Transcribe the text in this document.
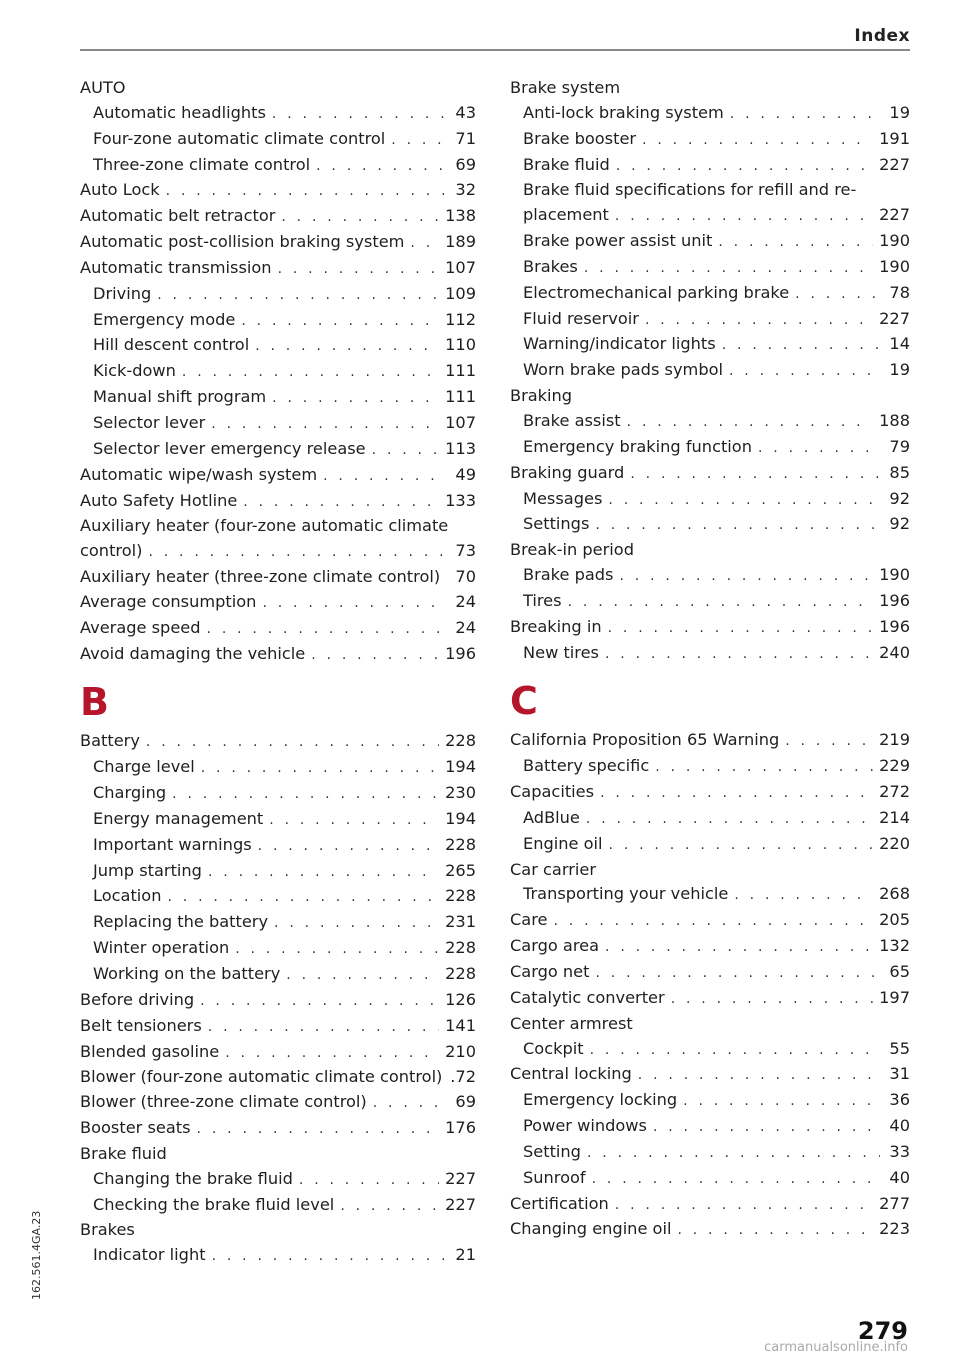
Index
AUTO
Automatic headlights . . .	43
Four-zone automatic climate control . . .	71
Three-zone climate control . . .	69
Auto Lock . . .	32
Automatic belt retractor . . .	138
Automatic post-collision braking system . . .	189
Automatic transmission . . .	107
Driving . . .	109
Emergency mode . . .	112
Hill descent control . . .	110
Kick-down . . .	111
Manual shift program . . .	111
Selector lever . . .	107
Selector lever emergency release . . .	113
Automatic wipe/wash system . . .	49
Auto Safety Hotline . . .	133
Auxiliary heater (four-zone automatic climate
control) . . .	73
Auxiliary heater (three-zone climate control) 70
Average consumption . . .	24
Average speed . . .	24
Avoid damaging the vehicle . . .	196
B
Battery . . .	228
Charge level . . .	194
Charging . . .	230
Energy management . . .	194
Important warnings . . .	228
Jump starting . . .	265
Location . . .	228
Replacing the battery . . .	231
Winter operation . . .	228
Working on the battery . . .	228
Before driving . . .	126
Belt tensioners . . .	141
Blended gasoline . . .	210
Blower (four-zone automatic climate control) .72
Blower (three-zone climate control) . . .	69
Booster seats . . .	176
Brake fluid
Changing the brake fluid . . .	227
Checking the brake fluid level . . .	227
Brakes
Indicator light . . .	21
Brake system
Anti-lock braking system . . .	19
Brake booster . . .	191
Brake fluid . . .	227
Brake fluid specifications for refill and re-
placement . . .	227
Brake power assist unit . . .	190
Brakes . . .	190
Electromechanical parking brake . . .	78
Fluid reservoir . . .	227
Warning/indicator lights . . .	14
Worn brake pads symbol . . .	19
Braking
Brake assist . . .	188
Emergency braking function . . .	79
Braking guard . . .	85
Messages . . .	92
Settings . . .	92
Break-in period
Brake pads . . .	190
Tires . . .	196
Breaking in . . .	196
New tires . . .	240
C
California Proposition 65 Warning . . .	219
Battery specific . . .	229
Capacities . . .	272
AdBlue . . .	214
Engine oil . . .	220
Car carrier
Transporting your vehicle . . .	268
Care . . .	205
Cargo area . . .	132
Cargo net . . .	65
Catalytic converter . . .	197
Center armrest
Cockpit . . .	55
Central locking . . .	31
Emergency locking . . .	36
Power windows . . .	40
Setting . . .	33
Sunroof . . .	40
Certification . . .	277
Changing engine oil . . .	223
162.561.4GA.23
279
carmanualsonline.info
